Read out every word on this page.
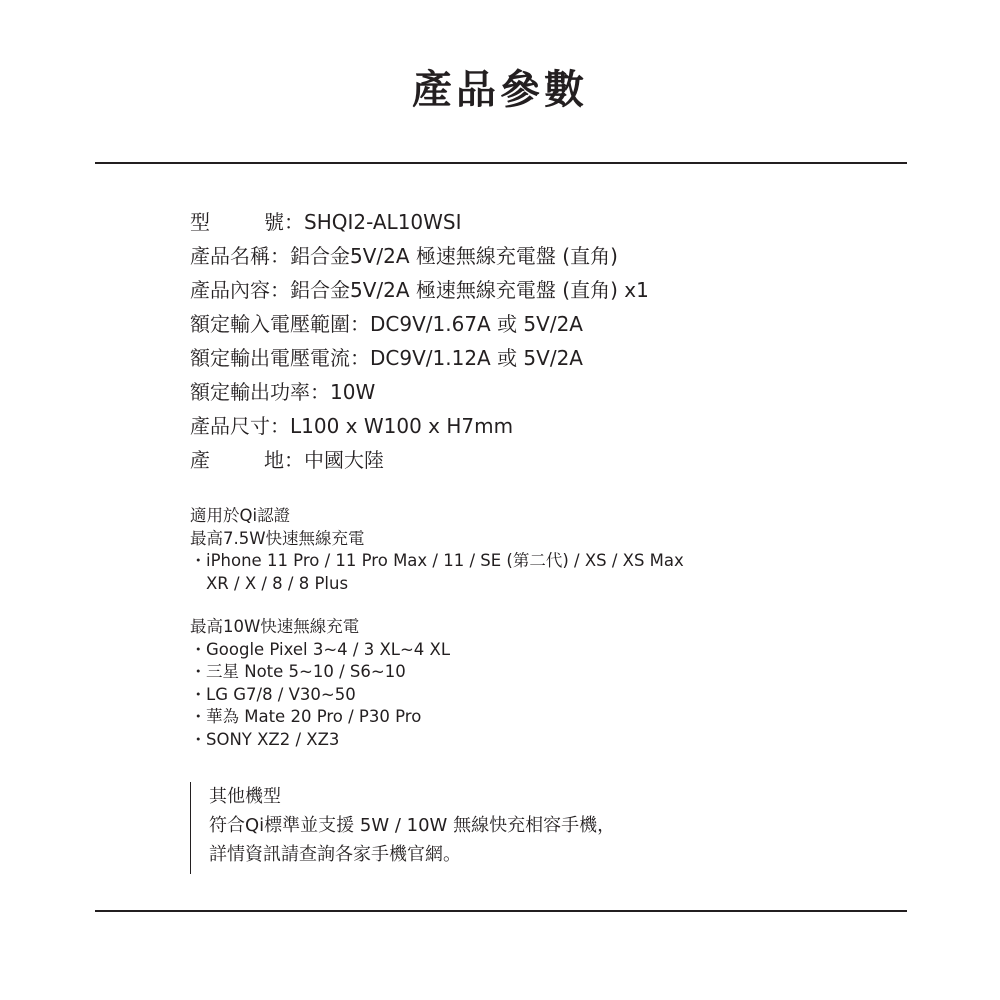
產品參數
型	號 ： SHQI2-AL10WSI
產品名稱 ： 鋁合金5V/2A 極速無線充電盤 (直角)
產品內容 ： 鋁合金5V/2A 極速無線充電盤 (直角) x1
額定輸入電壓範圍 ： DC9V/1.67A 或 5V/2A
額定輸出電壓電流 ： DC9V/1.12A 或 5V/2A
額定輸出功率 ： 10W
產品尺寸 ： L100 x W100 x H7mm
產	地 ： 中國大陸
適用於Qi認證
最高7.5W快速無線充電
・iPhone 11 Pro / 11 Pro Max / 11 / SE (第二代) / XS / XS Max
XR / X / 8 / 8 Plus
最高10W快速無線充電
・Google Pixel 3~4 / 3 XL~4 XL
・三星 Note 5~10 / S6~10
・LG G7/8 / V30~50
・華為 Mate 20 Pro / P30 Pro
・SONY XZ2 / XZ3
其他機型
符合Qi標準並支援 5W / 10W 無線快充相容手機，
詳情資訊請查詢各家手機官網。
